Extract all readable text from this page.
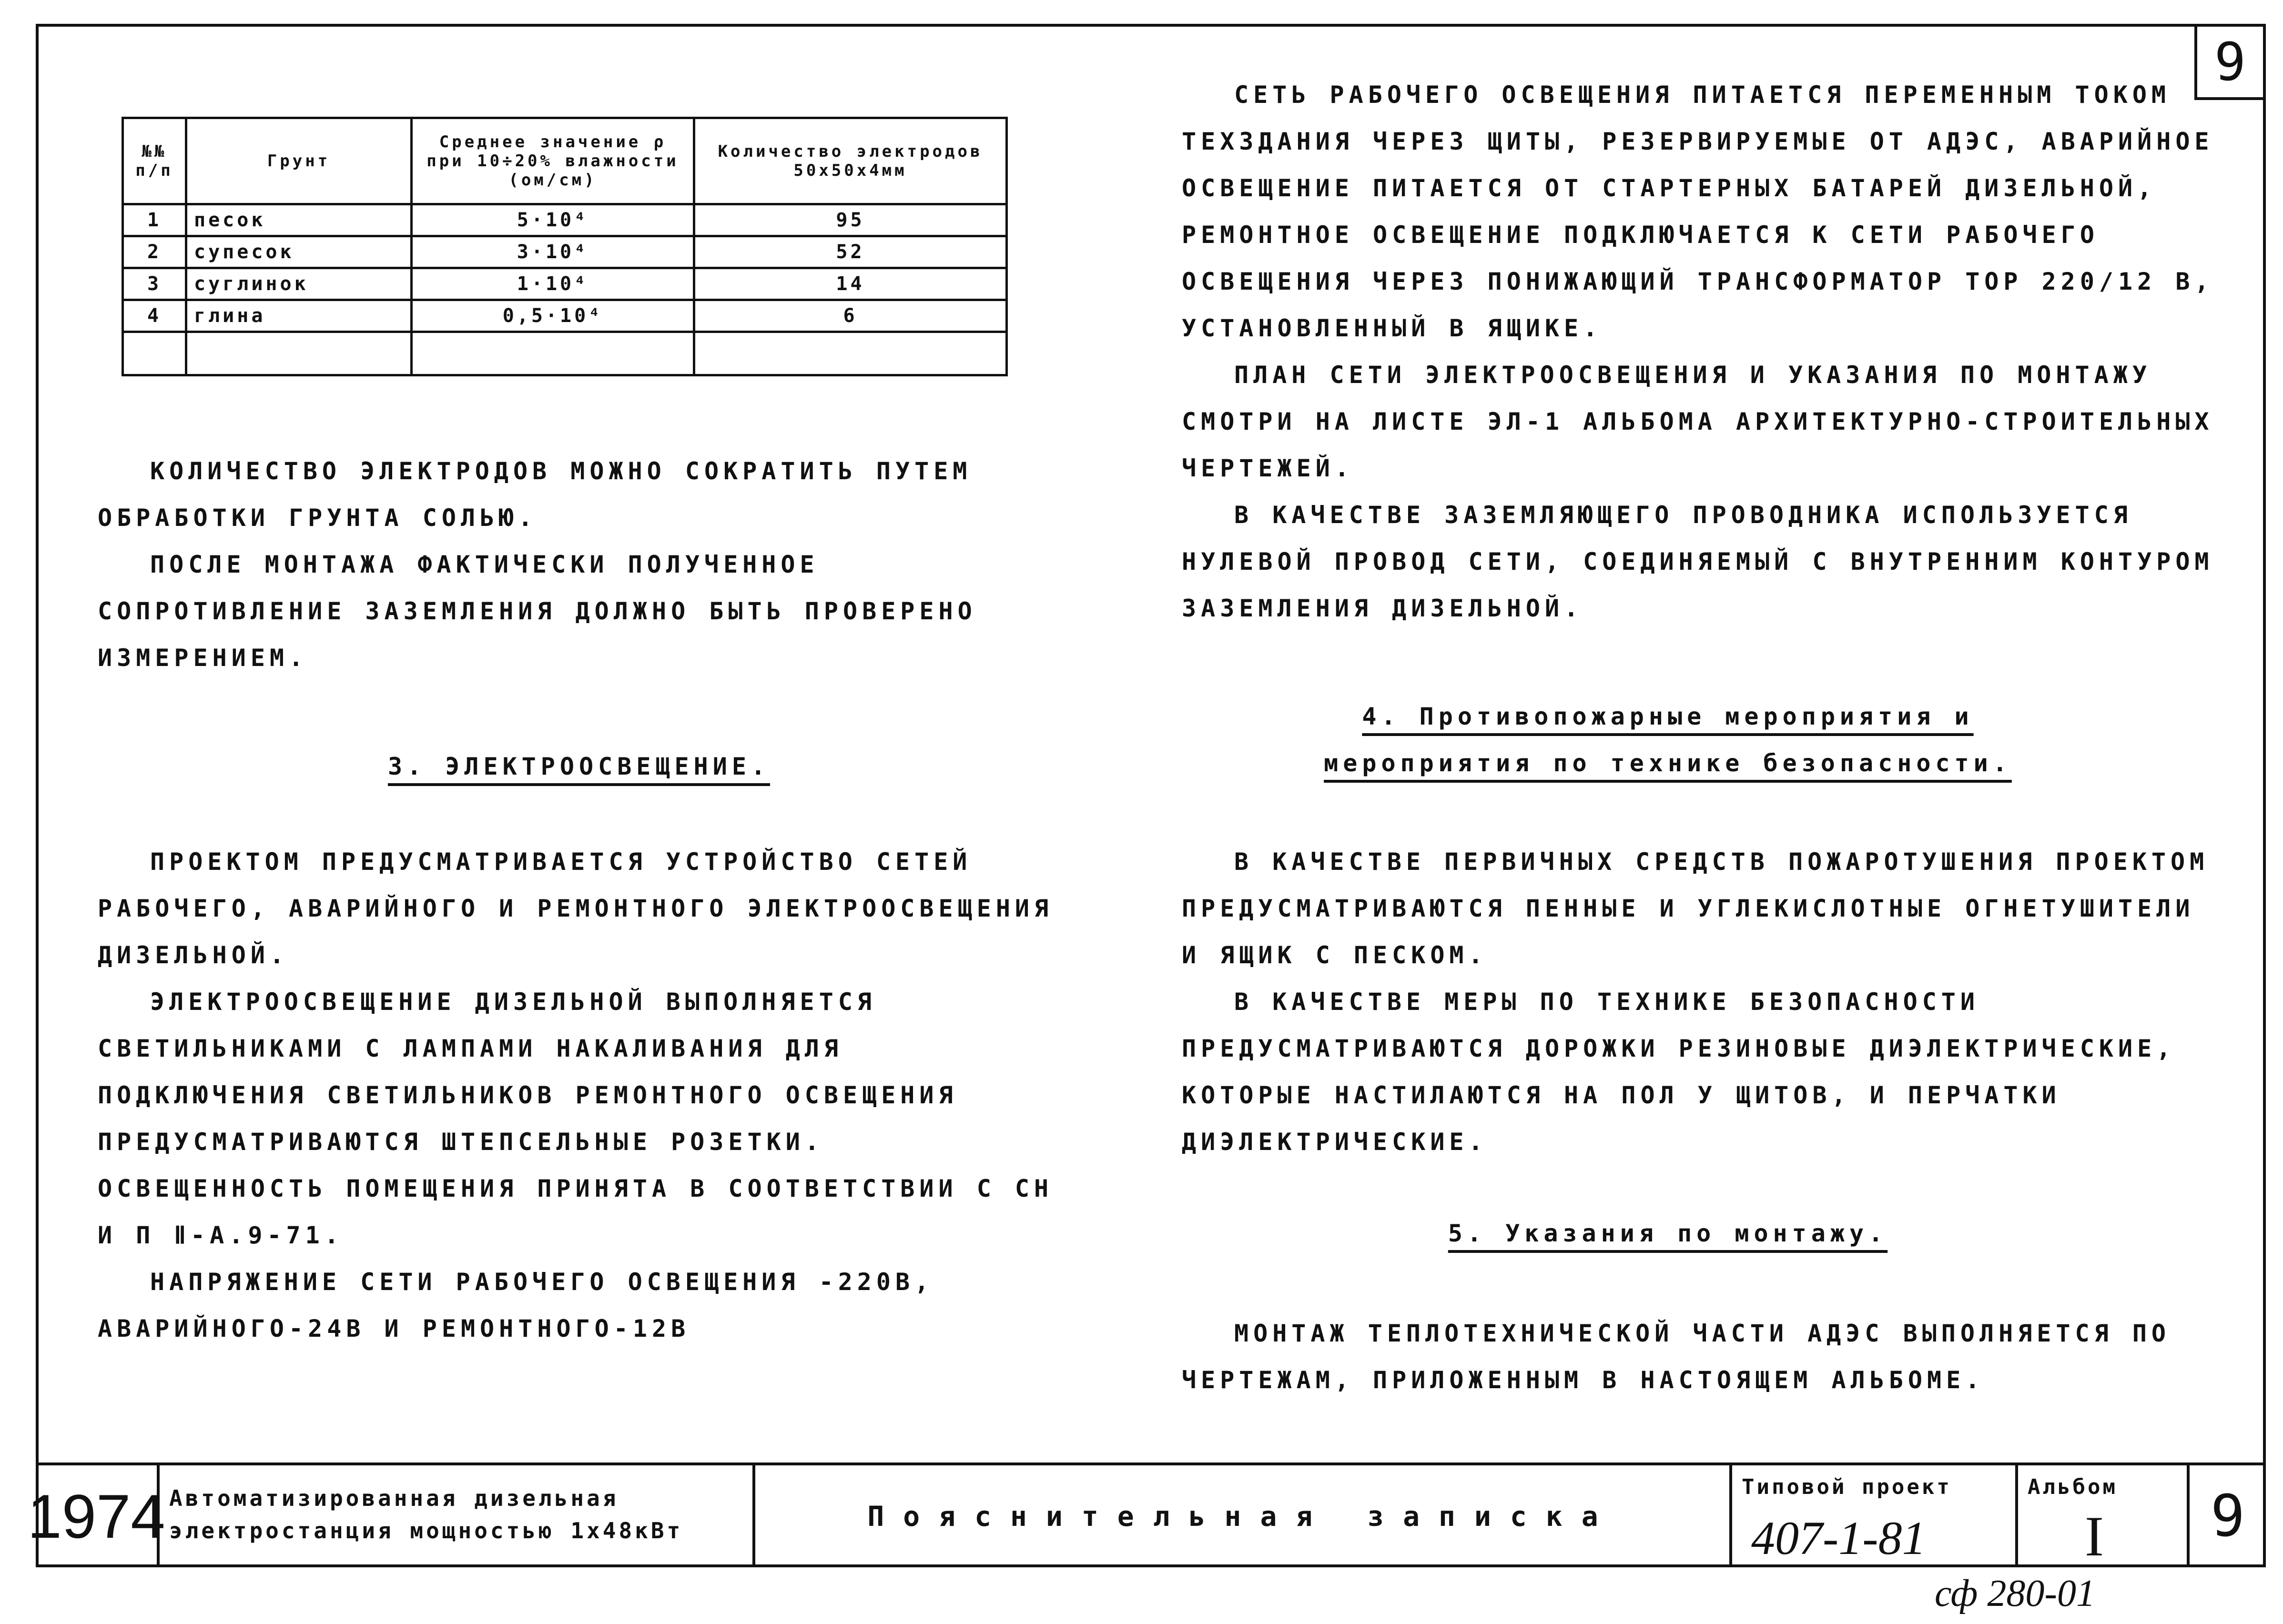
9
№№ п/п	Грунт	Среднее значение ρ при 10÷20% влажности (ом/см)	Количество электродов 50х50х4мм
1	песок	5·10⁴	95
2	супесок	3·10⁴	52
3	суглинок	1·10⁴	14
4	глина	0,5·10⁴	6

КОЛИЧЕСТВО ЭЛЕКТРОДОВ МОЖНО СОКРАТИТЬ ПУТЕМ ОБРАБОТКИ ГРУНТА СОЛЬЮ.

ПОСЛЕ МОНТАЖА ФАКТИЧЕСКИ ПОЛУЧЕННОЕ СОПРОТИВЛЕНИЕ ЗАЗЕМЛЕНИЯ ДОЛЖНО БЫТЬ ПРОВЕРЕНО ИЗМЕРЕНИЕМ.

3. ЭЛЕКТРООСВЕЩЕНИЕ.

ПРОЕКТОМ ПРЕДУСМАТРИВАЕТСЯ УСТРОЙСТВО СЕТЕЙ РАБОЧЕГО, АВАРИЙНОГО И РЕМОНТНОГО ЭЛЕКТРООСВЕЩЕНИЯ ДИЗЕЛЬНОЙ.

ЭЛЕКТРООСВЕЩЕНИЕ ДИЗЕЛЬНОЙ ВЫПОЛНЯЕТСЯ СВЕТИЛЬНИКАМИ С ЛАМПАМИ НАКАЛИВАНИЯ ДЛЯ ПОДКЛЮЧЕНИЯ СВЕТИЛЬНИКОВ РЕМОНТНОГО ОСВЕЩЕНИЯ ПРЕДУСМАТРИВАЮТСЯ ШТЕПСЕЛЬНЫЕ РОЗЕТКИ. ОСВЕЩЕННОСТЬ ПОМЕЩЕНИЯ ПРИНЯТА В СООТВЕТСТВИИ С СН И П Ⅱ-А.9-71.

НАПРЯЖЕНИЕ СЕТИ РАБОЧЕГО ОСВЕЩЕНИЯ -220В, АВАРИЙНОГО-24В И РЕМОНТНОГО-12В

СЕТЬ РАБОЧЕГО ОСВЕЩЕНИЯ ПИТАЕТСЯ ПЕРЕМЕННЫМ ТОКОМ ТЕХЗДАНИЯ ЧЕРЕЗ ЩИТЫ, РЕЗЕРВИРУЕМЫЕ ОТ АДЭС, АВАРИЙНОЕ ОСВЕЩЕНИЕ ПИТАЕТСЯ ОТ СТАРТЕРНЫХ БАТАРЕЙ ДИЗЕЛЬНОЙ, РЕМОНТНОЕ ОСВЕЩЕНИЕ ПОДКЛЮЧАЕТСЯ К СЕТИ РАБОЧЕГО ОСВЕЩЕНИЯ ЧЕРЕЗ ПОНИЖАЮЩИЙ ТРАНСФОРМАТОР ТОР 220/12 В, УСТАНОВЛЕННЫЙ В ЯЩИКЕ.

ПЛАН СЕТИ ЭЛЕКТРООСВЕЩЕНИЯ И УКАЗАНИЯ ПО МОНТАЖУ СМОТРИ НА ЛИСТЕ ЭЛ-1 АЛЬБОМА АРХИТЕКТУРНО-СТРОИТЕЛЬНЫХ ЧЕРТЕЖЕЙ.

В КАЧЕСТВЕ ЗАЗЕМЛЯЮЩЕГО ПРОВОДНИКА ИСПОЛЬЗУЕТСЯ НУЛЕВОЙ ПРОВОД СЕТИ, СОЕДИНЯЕМЫЙ С ВНУТРЕННИМ КОНТУРОМ ЗАЗЕМЛЕНИЯ ДИЗЕЛЬНОЙ.

4. Противопожарные мероприятия и
мероприятия по технике безопасности.

В КАЧЕСТВЕ ПЕРВИЧНЫХ СРЕДСТВ ПОЖАРОТУШЕНИЯ ПРОЕКТОМ ПРЕДУСМАТРИВАЮТСЯ ПЕННЫЕ И УГЛЕКИСЛОТНЫЕ ОГНЕТУШИТЕЛИ И ЯЩИК С ПЕСКОМ.

В КАЧЕСТВЕ МЕРЫ ПО ТЕХНИКЕ БЕЗОПАСНОСТИ ПРЕДУСМАТРИВАЮТСЯ ДОРОЖКИ РЕЗИНОВЫЕ ДИЭЛЕКТРИЧЕСКИЕ, КОТОРЫЕ НАСТИЛАЮТСЯ НА ПОЛ У ЩИТОВ, И ПЕРЧАТКИ ДИЭЛЕКТРИЧЕСКИЕ.

5. Указания по монтажу.

МОНТАЖ ТЕПЛОТЕХНИЧЕСКОЙ ЧАСТИ АДЭС ВЫПОЛНЯЕТСЯ ПО ЧЕРТЕЖАМ, ПРИЛОЖЕННЫМ В НАСТОЯЩЕМ АЛЬБОМЕ.

1974 Автоматизированная дизельная
электростанция мощностью 1х48кВт	Пояснительная записка
Типовой проект
407-1-81
Альбом
I	9
сф 280-01
